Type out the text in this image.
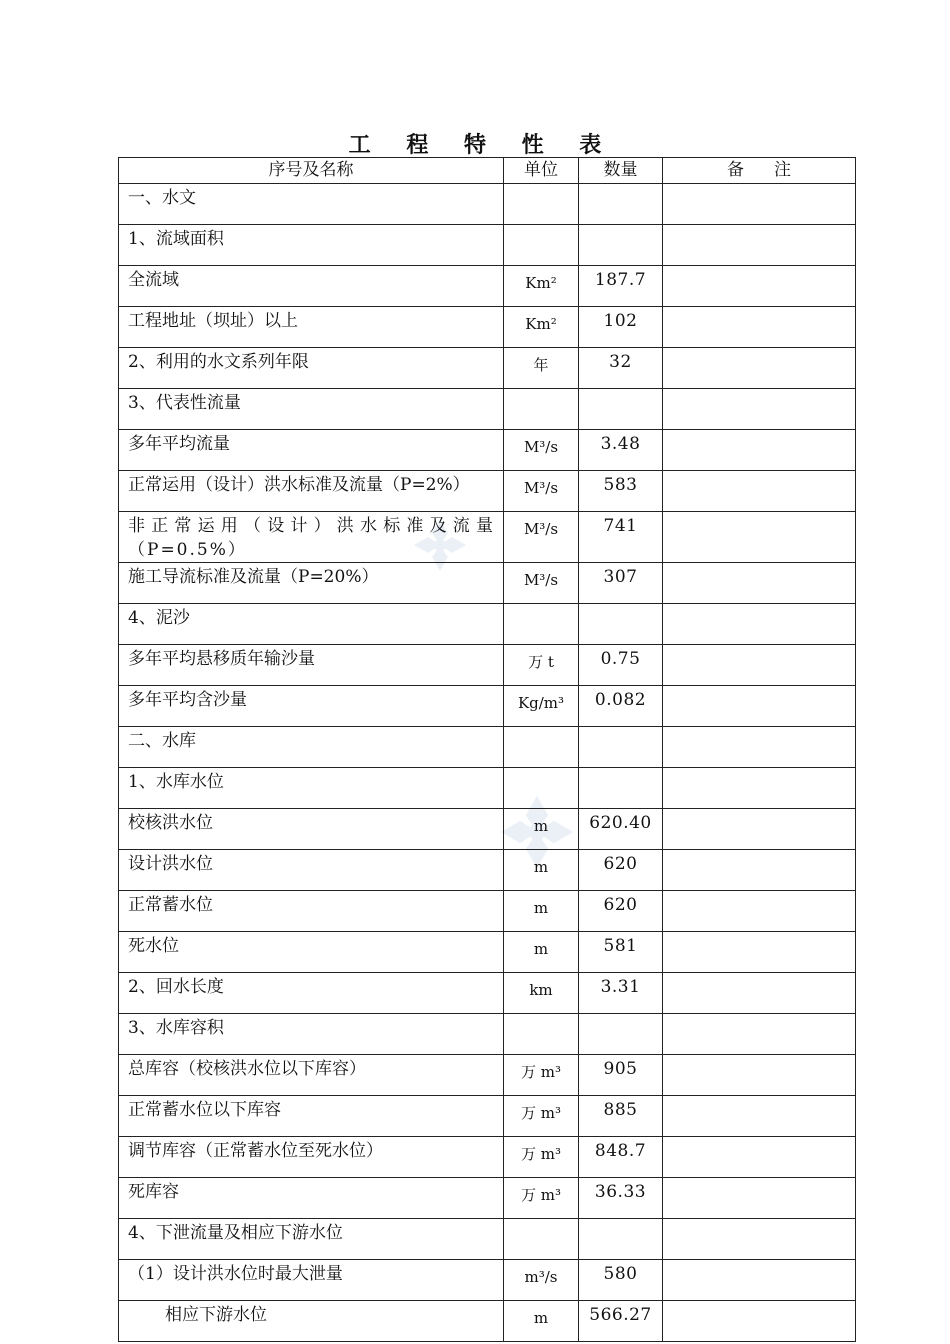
工 程 特 性 表
序号及名称	单位	数量	备注
一、水文			
1、流域面积			
全流域	Km²	187.7	
工程地址（坝址）以上	Km²	102	
2、利用的水文系列年限	年	32	
3、代表性流量			
多年平均流量	M³/s	3.48	
正常运用（设计）洪水标准及流量（P=2%）	M³/s	583	
非正常运用（设计）洪水标准及流量（P=0.5%）	M³/s	741	
施工导流标准及流量（P=20%）	M³/s	307	
4、泥沙			
多年平均悬移质年输沙量	万 t	0.75	
多年平均含沙量	Kg/m³	0.082	
二、水库			
1、水库水位			
校核洪水位	m	620.40	
设计洪水位	m	620	
正常蓄水位	m	620	
死水位	m	581	
2、回水长度	km	3.31	
3、水库容积			
总库容（校核洪水位以下库容）	万 m³	905	
正常蓄水位以下库容	万 m³	885	
调节库容（正常蓄水位至死水位）	万 m³	848.7	
死库容	万 m³	36.33	
4、下泄流量及相应下游水位			
（1）设计洪水位时最大泄量	m³/s	580	
相应下游水位	m	566.27	
